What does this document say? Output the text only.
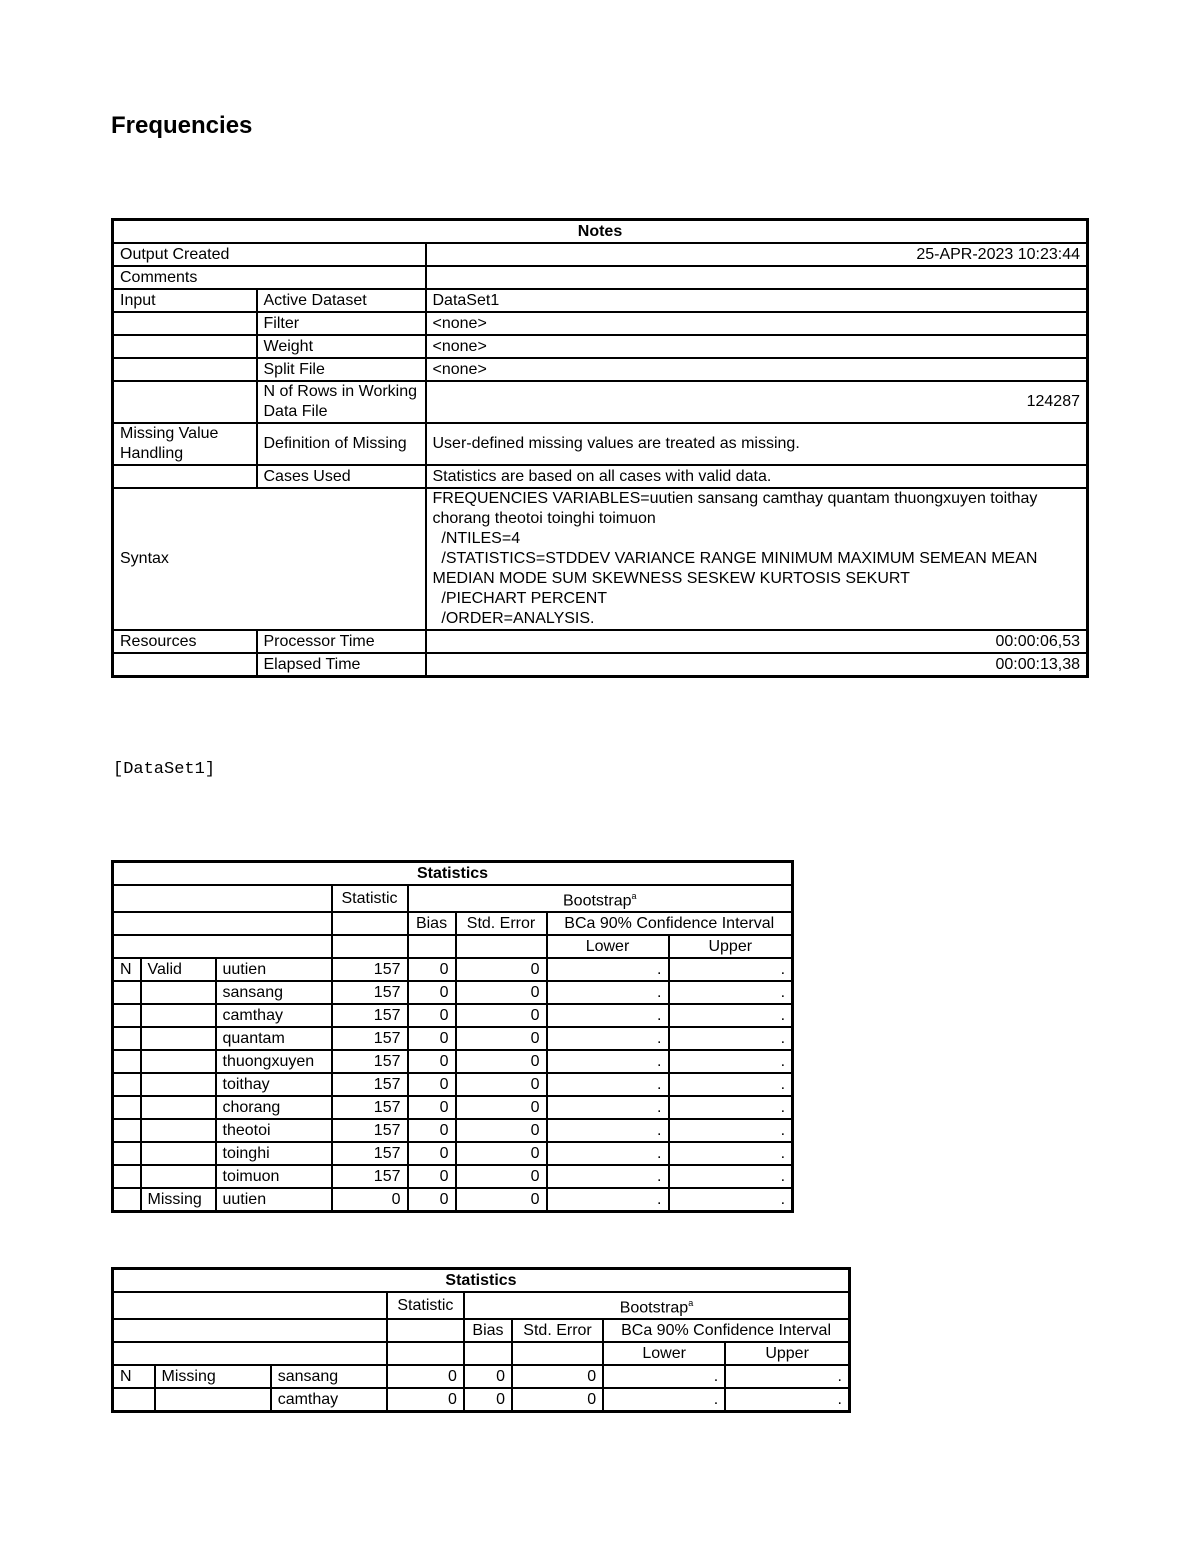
Frequencies
Notes		
Output Created		25-APR-2023 10:23:44
Comments		
Input	Active Dataset	DataSet1
	Filter	<none>
	Weight	<none>
	Split File	<none>
	N of Rows in Working Data File	124287
Missing Value Handling	Definition of Missing	User-defined missing values are treated as missing.
	Cases Used	Statistics are based on all cases with valid data.
Syntax		FREQUENCIES VARIABLES=uutien sansang camthay quantam thuongxuyen toithay chorang theotoi toinghi toimuon
/NTILES=4
/STATISTICS=STDDEV VARIANCE RANGE MINIMUM MAXIMUM SEMEAN MEAN MEDIAN MODE SUM SKEWNESS SESKEW KURTOSIS SEKURT
/PIECHART PERCENT
/ORDER=ANALYSIS.
Resources	Processor Time	00:00:06,53
	Elapsed Time	00:00:13,38
[DataSet1]
Statistics							
			Statistic	Bootstrap$^a$
				Bias	Std. Error	BCa 90% Confidence Interval	
						Lower	Upper
N	Valid	uutien	157	0	0	.	.
		sansang	157	0	0	.	.
		camthay	157	0	0	.	.
		quantam	157	0	0	.	.
		thuongxuyen	157	0	0	.	.
		toithay	157	0	0	.	.
		chorang	157	0	0	.	.
		theotoi	157	0	0	.	.
		toinghi	157	0	0	.	.
		toimuon	157	0	0	.	.
	Missing	uutien	0	0	0	.	.
Statistics							
			Statistic	Bootstrap$^a$
				Bias	Std. Error	BCa 90% Confidence Interval	
						Lower	Upper
N	Missing	sansang	0	0	0	.	.
		camthay	0	0	0	.	.
